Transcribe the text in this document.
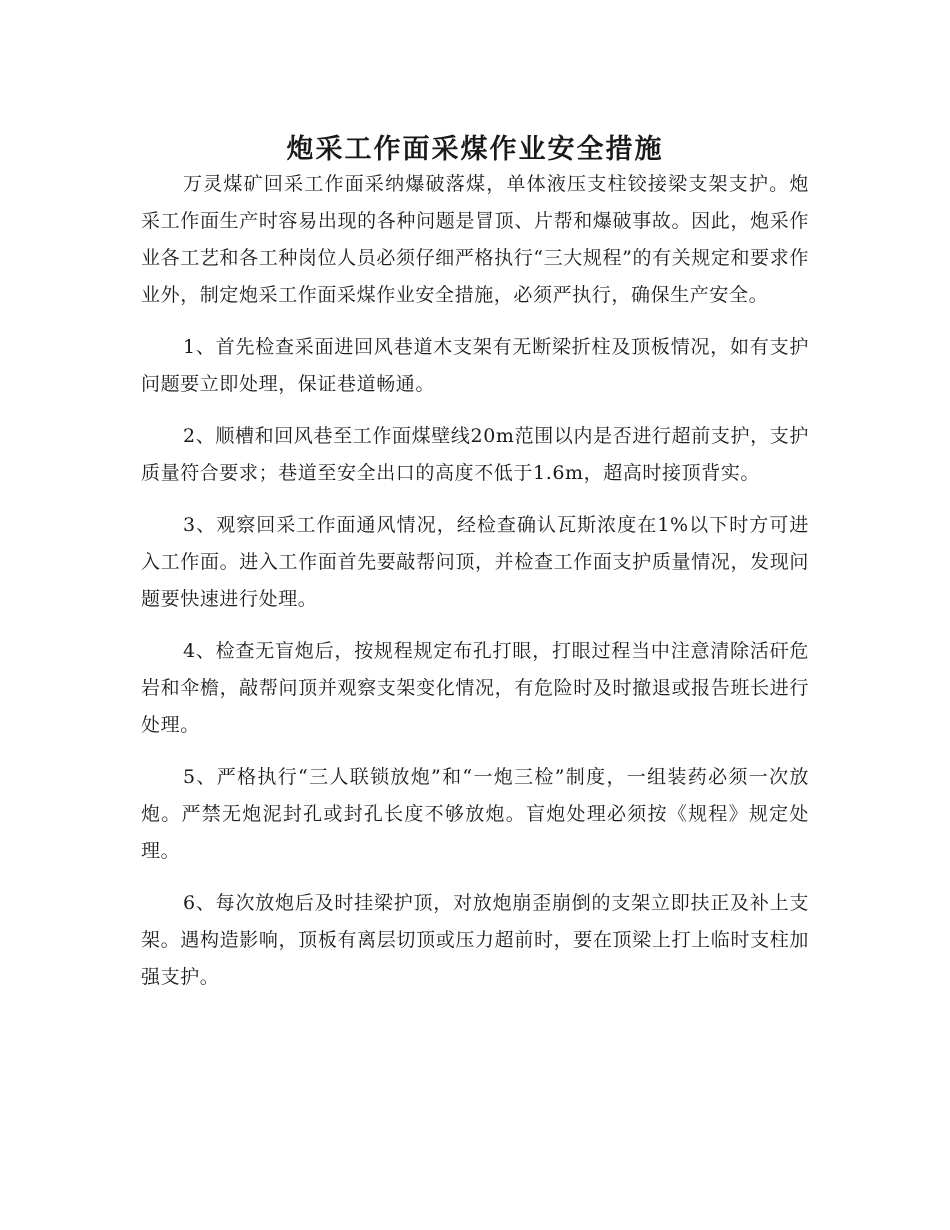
炮采工作面采煤作业安全措施

万灵煤矿回采工作面采纳爆破落煤，单体液压支柱铰接梁支架支护。炮采工作面生产时容易出现的各种问题是冒顶、片帮和爆破事故。因此，炮采作业各工艺和各工种岗位人员必须仔细严格执行“三大规程”的有关规定和要求作业外，制定炮采工作面采煤作业安全措施，必须严执行，确保生产安全。

1、首先检查采面进回风巷道木支架有无断梁折柱及顶板情况，如有支护问题要立即处理，保证巷道畅通。

2、顺槽和回风巷至工作面煤壁线20m范围以内是否进行超前支护，支护质量符合要求；巷道至安全出口的高度不低于1.6m，超高时接顶背实。

3、观察回采工作面通风情况，经检查确认瓦斯浓度在1%以下时方可进入工作面。进入工作面首先要敲帮问顶，并检查工作面支护质量情况，发现问题要快速进行处理。

4、检查无盲炮后，按规程规定布孔打眼，打眼过程当中注意清除活矸危岩和伞檐，敲帮问顶并观察支架变化情况，有危险时及时撤退或报告班长进行处理。

5、严格执行“三人联锁放炮”和“一炮三检”制度，一组装药必须一次放炮。严禁无炮泥封孔或封孔长度不够放炮。盲炮处理必须按《规程》规定处理。

6、每次放炮后及时挂梁护顶，对放炮崩歪崩倒的支架立即扶正及补上支架。遇构造影响，顶板有离层切顶或压力超前时，要在顶梁上打上临时支柱加强支护。
